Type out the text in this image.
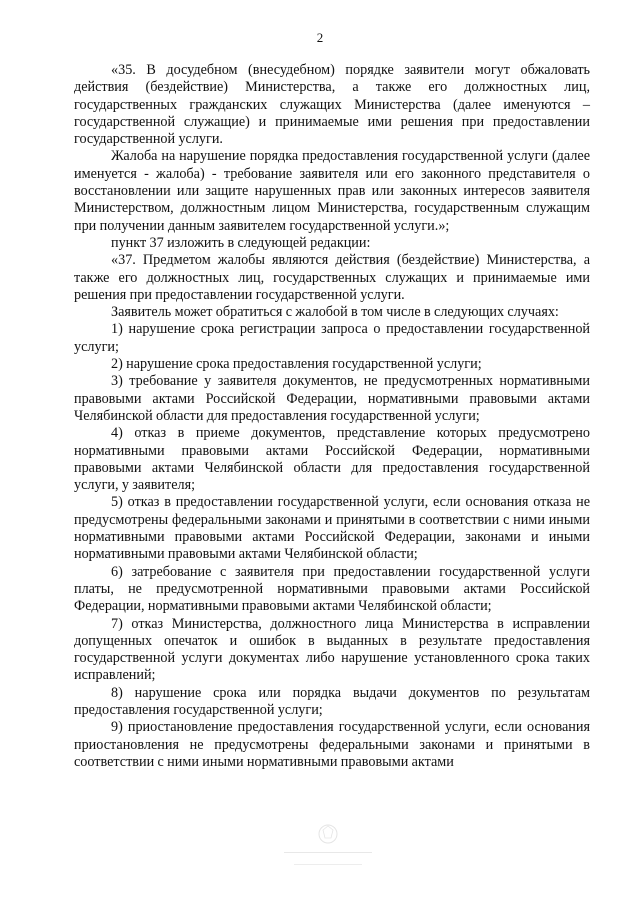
2

«35. В досудебном (внесудебном) порядке заявители могут обжаловать действия (бездействие) Министерства, а также его должностных лиц, государственных гражданских служащих Министерства (далее именуются – государственной служащие) и принимаемые ими решения при предоставлении государственной услуги.

Жалоба на нарушение порядка предоставления государственной услуги (далее именуется - жалоба) - требование заявителя или его законного представителя о восстановлении или защите нарушенных прав или законных интересов заявителя Министерством, должностным лицом Министерства, государственным служащим при получении данным заявителем государственной услуги.»;

пункт 37 изложить в следующей редакции:

«37. Предметом жалобы являются действия (бездействие) Министерства, а также его должностных лиц, государственных служащих и принимаемые ими решения при предоставлении государственной услуги.

Заявитель может обратиться с жалобой в том числе в следующих случаях:

1) нарушение срока регистрации запроса о предоставлении государственной услуги;

2) нарушение срока предоставления государственной услуги;

3) требование у заявителя документов, не предусмотренных нормативными правовыми актами Российской Федерации, нормативными правовыми актами Челябинской области для предоставления государственной услуги;

4) отказ в приеме документов, представление которых предусмотрено нормативными правовыми актами Российской Федерации, нормативными правовыми актами Челябинской области для предоставления государственной услуги, у заявителя;

5) отказ в предоставлении государственной услуги, если основания отказа не предусмотрены федеральными законами и принятыми в соответствии с ними иными нормативными правовыми актами Российской Федерации, законами и иными нормативными правовыми актами Челябинской области;

6) затребование с заявителя при предоставлении государственной услуги платы, не предусмотренной нормативными правовыми актами Российской Федерации, нормативными правовыми актами Челябинской области;

7) отказ Министерства, должностного лица Министерства в исправлении допущенных опечаток и ошибок в выданных в результате предоставления государственной услуги документах либо нарушение установленного срока таких исправлений;

8) нарушение срока или порядка выдачи документов по результатам предоставления государственной услуги;

9) приостановление предоставления государственной услуги, если основания приостановления не предусмотрены федеральными законами и принятыми в соответствии с ними иными нормативными правовыми актами
